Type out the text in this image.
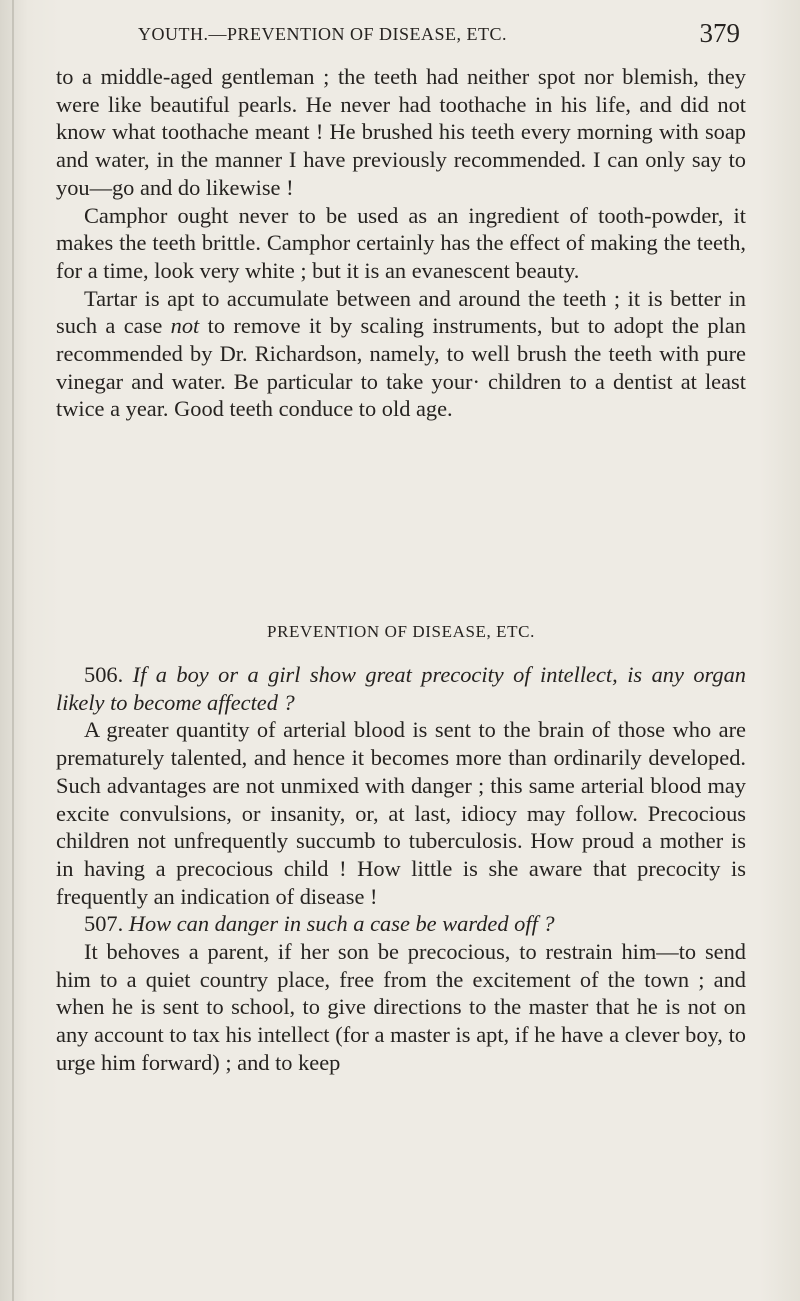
YOUTH.—PREVENTION OF DISEASE, ETC.	379

to a middle-aged gentleman ; the teeth had neither spot nor blemish, they were like beautiful pearls. He never had toothache in his life, and did not know what toothache meant ! He brushed his teeth every morning with soap and water, in the manner I have previously recommended. I can only say to you—go and do likewise !

Camphor ought never to be used as an ingredient of tooth-powder, it makes the teeth brittle. Camphor certainly has the effect of making the teeth, for a time, look very white ; but it is an evanescent beauty.

Tartar is apt to accumulate between and around the teeth ; it is better in such a case not to remove it by scaling instruments, but to adopt the plan recommended by Dr. Richardson, namely, to well brush the teeth with pure vinegar and water. Be particular to take your· children to a dentist at least twice a year. Good teeth conduce to old age.

PREVENTION OF DISEASE, ETC.

506. If a boy or a girl show great precocity of intellect, is any organ likely to become affected ?

A greater quantity of arterial blood is sent to the brain of those who are prematurely talented, and hence it becomes more than ordinarily developed. Such advantages are not unmixed with danger ; this same arterial blood may excite convulsions, or insanity, or, at last, idiocy may follow. Precocious children not unfrequently succumb to tuberculosis. How proud a mother is in having a precocious child ! How little is she aware that precocity is frequently an indication of disease !

507. How can danger in such a case be warded off ?

It behoves a parent, if her son be precocious, to restrain him—to send him to a quiet country place, free from the excitement of the town ; and when he is sent to school, to give directions to the master that he is not on any account to tax his intellect (for a master is apt, if he have a clever boy, to urge him forward) ; and to keep
